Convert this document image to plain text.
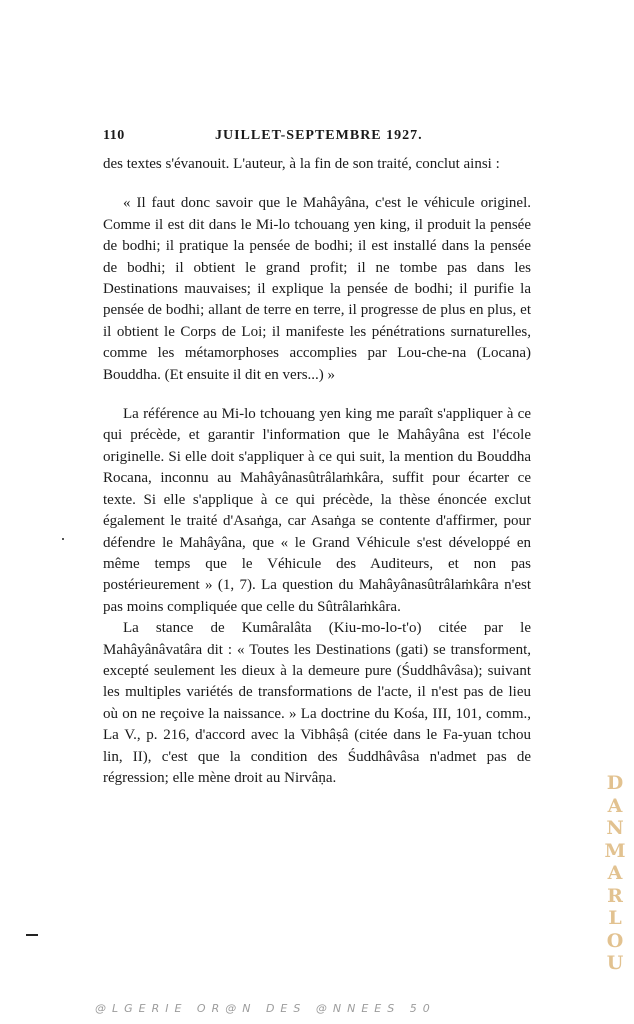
110	JUILLET-SEPTEMBRE 1927.

des textes s'évanouit. L'auteur, à la fin de son traité, conclut ainsi :

« Il faut donc savoir que le Mahâyâna, c'est le véhicule originel. Comme il est dit dans le Mi-lo tchouang yen king, il produit la pensée de bodhi; il pratique la pensée de bodhi; il est installé dans la pensée de bodhi; il obtient le grand profit; il ne tombe pas dans les Destinations mauvaises; il explique la pensée de bodhi; il purifie la pensée de bodhi; allant de terre en terre, il progresse de plus en plus, et il obtient le Corps de Loi; il manifeste les pénétrations surnaturelles, comme les métamorphoses accomplies par Lou-che-na (Locana) Bouddha. (Et ensuite il dit en vers...) »

La référence au Mi-lo tchouang yen king me paraît s'appliquer à ce qui précède, et garantir l'information que le Mahâyâna est l'école originelle. Si elle doit s'appliquer à ce qui suit, la mention du Bouddha Rocana, inconnu au Mahâyânasûtrâlaṁkâra, suffit pour écarter ce texte. Si elle s'applique à ce qui précède, la thèse énoncée exclut également le traité d'Asaṅga, car Asaṅga se contente d'affirmer, pour défendre le Mahâyâna, que « le Grand Véhicule s'est développé en même temps que le Véhicule des Auditeurs, et non pas postérieurement » (1, 7). La question du Mahâyânasûtrâlaṁkâra n'est pas moins compliquée que celle du Sûtrâlaṁkâra.

La stance de Kumâralâta (Kiu-mo-lo-t'o) citée par le Mahâyânâvatâra dit : « Toutes les Destinations (gati) se transforment, excepté seulement les dieux à la demeure pure (Śuddhâvâsa); suivant les multiples variétés de transformations de l'acte, il n'est pas de lieu où on ne reçoive la naissance. » La doctrine du Kośa, III, 101, comm., La V., p. 216, d'accord avec la Vibhâṣâ (citée dans le Fa-yuan tchou lin, II), c'est que la condition des Śuddhâvâsa n'admet pas de régression; elle mène droit au Nirvâṇa.	DANMARLOU
@LGERIE OR@N DES @NNEES 50
